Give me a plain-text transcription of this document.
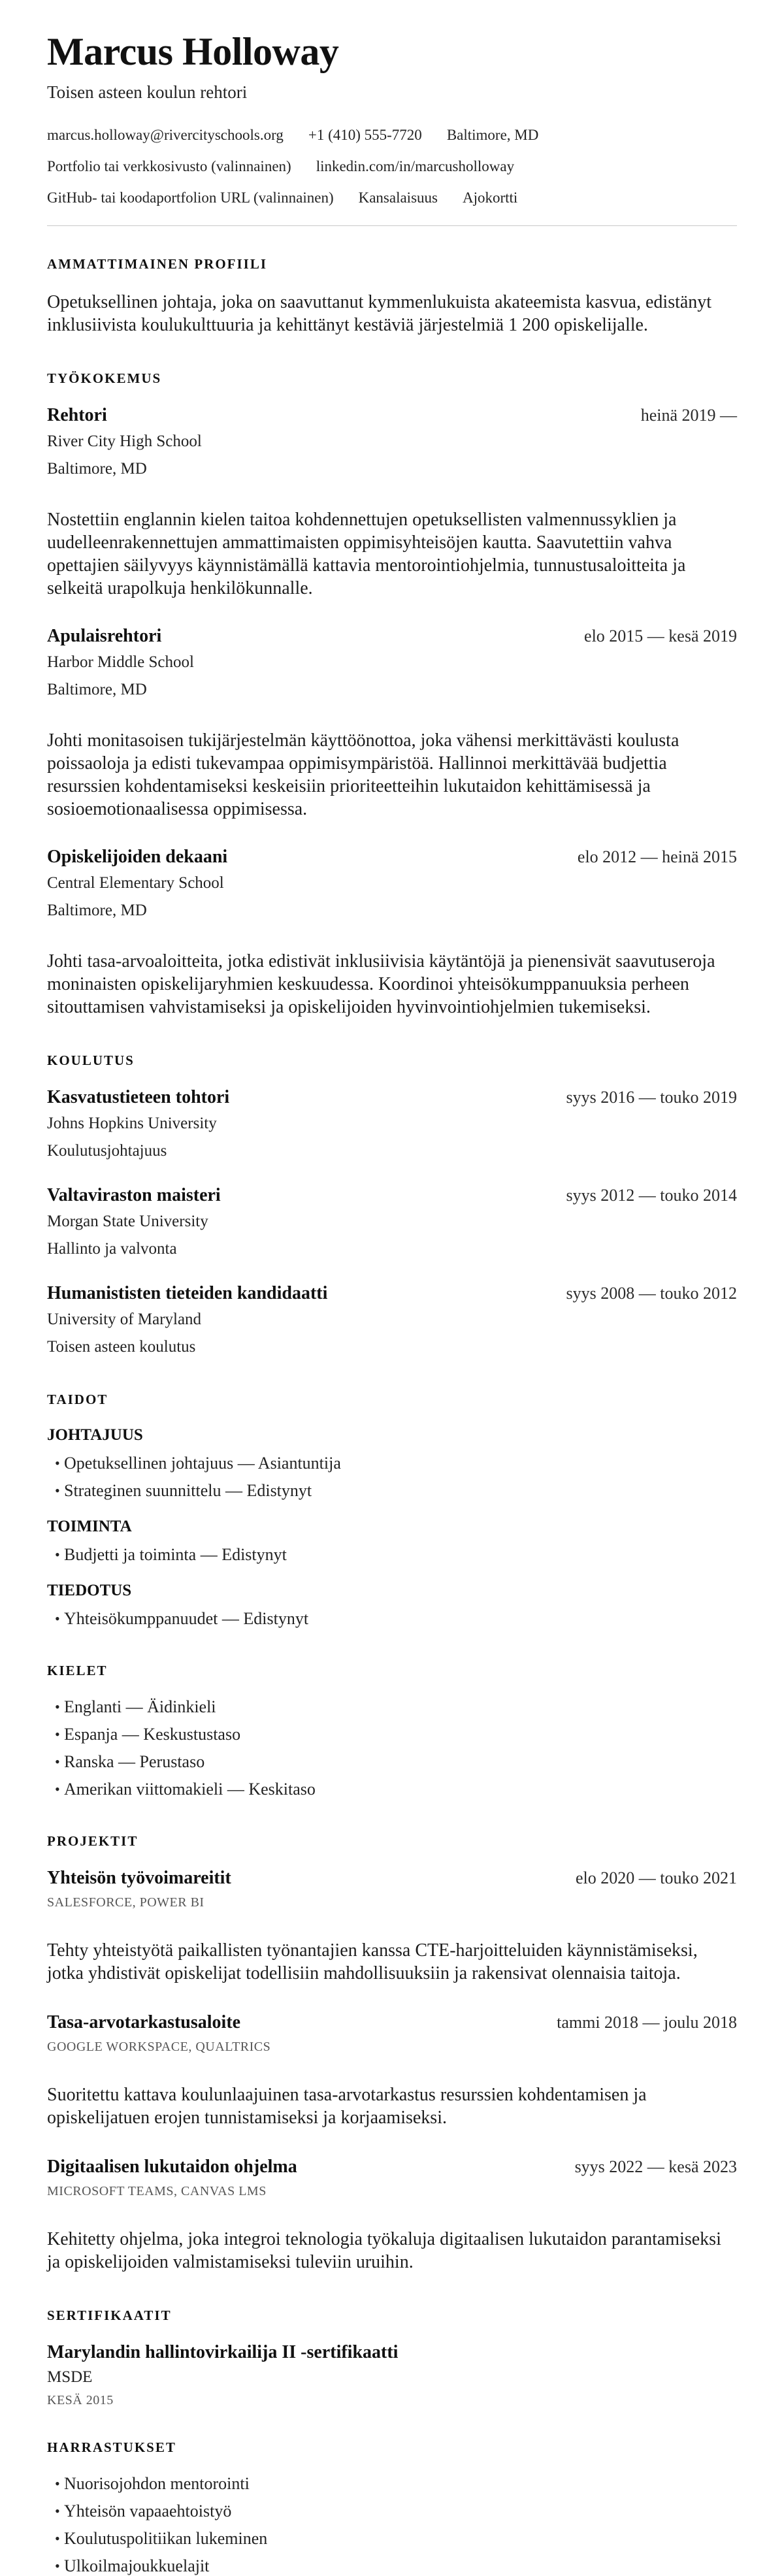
Marcus Holloway
Toisen asteen koulun rehtori
marcus.holloway@rivercityschools.org +1 (410) 555-7720 Baltimore, MD
Portfolio tai verkkosivusto (valinnainen) linkedin.com/in/marcusholloway
GitHub- tai koodaportfolion URL (valinnainen) Kansalaisuus Ajokortti
AMMATTIMAINEN PROFIILI

Opetuksellinen johtaja, joka on saavuttanut kymmenlukuista akateemista kasvua, edistänyt inklusiivista koulukulttuuria ja kehittänyt kestäviä järjestelmiä 1 200 opiskelijalle.

TYÖKOKEMUS
Rehtori	heinä 2019 —
River City High School
Baltimore, MD

Nostettiin englannin kielen taitoa kohdennettujen opetuksellisten valmennussyklien ja uudelleenrakennettujen ammattimaisten oppimisyhteisöjen kautta. Saavutettiin vahva opettajien säilyvyys käynnistämällä kattavia mentorointiohjelmia, tunnustusaloitteita ja selkeitä urapolkuja henkilökunnalle.

Apulaisrehtori	elo 2015 — kesä 2019
Harbor Middle School
Baltimore, MD

Johti monitasoisen tukijärjestelmän käyttöönottoa, joka vähensi merkittävästi koulusta poissaoloja ja edisti tukevampaa oppimisympäristöä. Hallinnoi merkittävää budjettia resurssien kohdentamiseksi keskeisiin prioriteetteihin lukutaidon kehittämisessä ja sosioemotionaalisessa oppimisessa.

Opiskelijoiden dekaani	elo 2012 — heinä 2015
Central Elementary School
Baltimore, MD

Johti tasa-arvoaloitteita, jotka edistivät inklusiivisia käytäntöjä ja pienensivät saavutuseroja moninaisten opiskelijaryhmien keskuudessa. Koordinoi yhteisökumppanuuksia perheen sitouttamisen vahvistamiseksi ja opiskelijoiden hyvinvointiohjelmien tukemiseksi.

KOULUTUS
Kasvatustieteen tohtori	syys 2016 — touko 2019
Johns Hopkins University
Koulutusjohtajuus
Valtaviraston maisteri	syys 2012 — touko 2014
Morgan State University
Hallinto ja valvonta
Humanististen tieteiden kandidaatti	syys 2008 — touko 2012
University of Maryland
Toisen asteen koulutus
TAIDOT
JOHTAJUUS
• Opetuksellinen johtajuus — Asiantuntija
• Strateginen suunnittelu — Edistynyt
TOIMINTA
• Budjetti ja toiminta — Edistynyt
TIEDOTUS
• Yhteisökumppanuudet — Edistynyt
KIELET
• Englanti — Äidinkieli
• Espanja — Keskustustaso
• Ranska — Perustaso
• Amerikan viittomakieli — Keskitaso
PROJEKTIT
Yhteisön työvoimareitit	elo 2020 — touko 2021
SALESFORCE, POWER BI

Tehty yhteistyötä paikallisten työnantajien kanssa CTE-harjoitteluiden käynnistämiseksi, jotka yhdistivät opiskelijat todellisiin mahdollisuuksiin ja rakensivat olennaisia taitoja.

Tasa-arvotarkastusaloite	tammi 2018 — joulu 2018
GOOGLE WORKSPACE, QUALTRICS

Suoritettu kattava koulunlaajuinen tasa-arvotarkastus resurssien kohdentamisen ja opiskelijatuen erojen tunnistamiseksi ja korjaamiseksi.

Digitaalisen lukutaidon ohjelma	syys 2022 — kesä 2023
MICROSOFT TEAMS, CANVAS LMS

Kehitetty ohjelma, joka integroi teknologia työkaluja digitaalisen lukutaidon parantamiseksi ja opiskelijoiden valmistamiseksi tuleviin uruihin.

SERTIFIKAATIT
Marylandin hallintovirkailija II -sertifikaatti
MSDE
KESÄ 2015
HARRASTUKSET
• Nuorisojohdon mentorointi
• Yhteisön vapaaehtoistyö
• Koulutuspolitiikan lukeminen
• Ulkoilmajoukkuelajit
